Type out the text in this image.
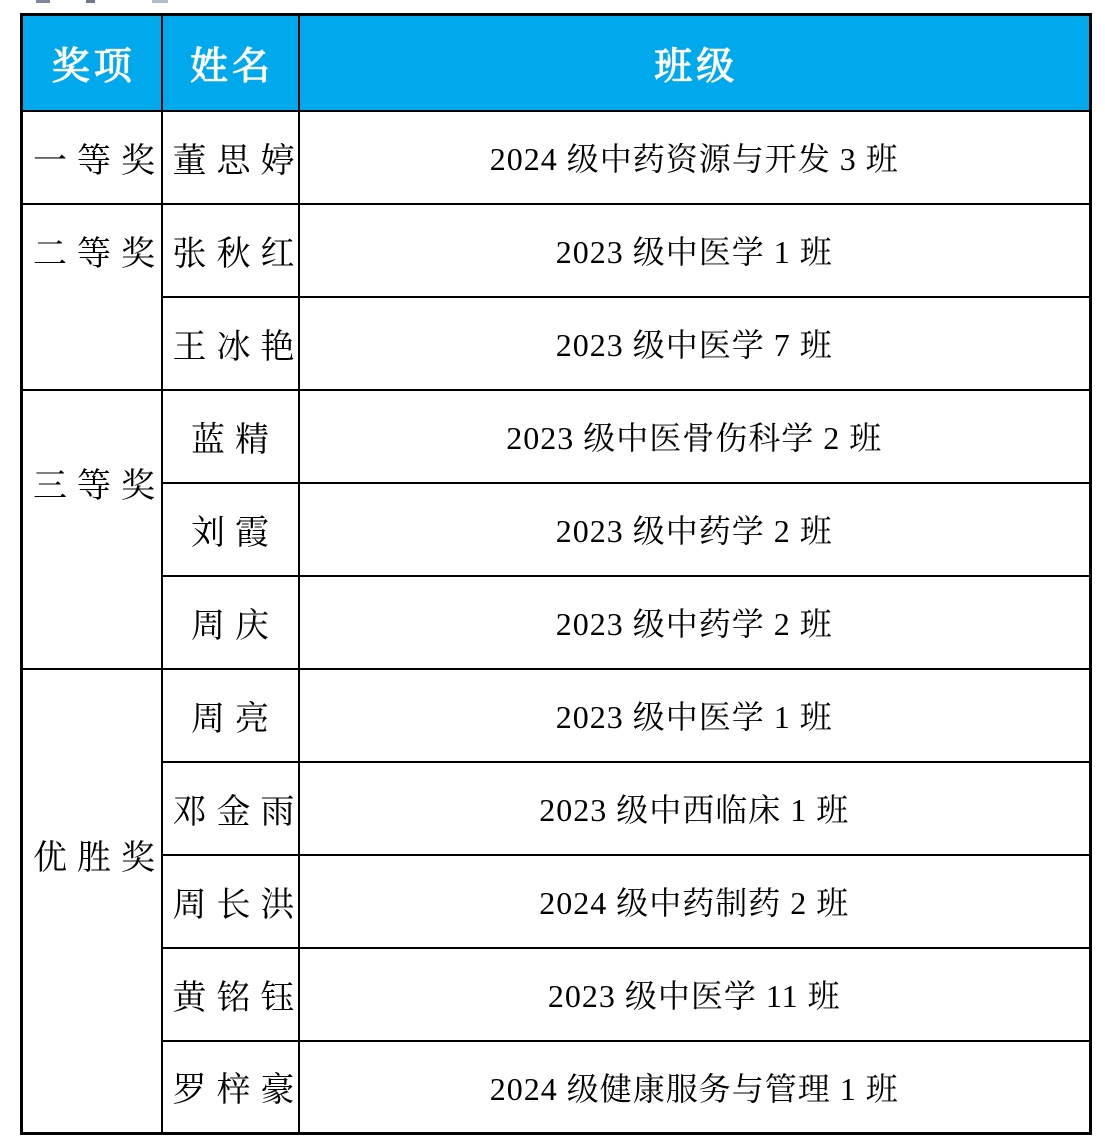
奖项	姓名	班级
一等奖	董思婷	2024 级中药资源与开发 3 班
二等奖	张秋红	2023 级中医学 1 班
	王冰艳	2023 级中医学 7 班
三等奖	蓝精	2023 级中医骨伤科学 2 班
	刘霞	2023 级中药学 2 班
	周庆	2023 级中药学 2 班
优胜奖	周亮	2023 级中医学 1 班
	邓金雨	2023 级中西临床 1 班
	周长洪	2024 级中药制药 2 班
	黄铭钰	2023 级中医学 11 班
	罗梓豪	2024 级健康服务与管理 1 班
